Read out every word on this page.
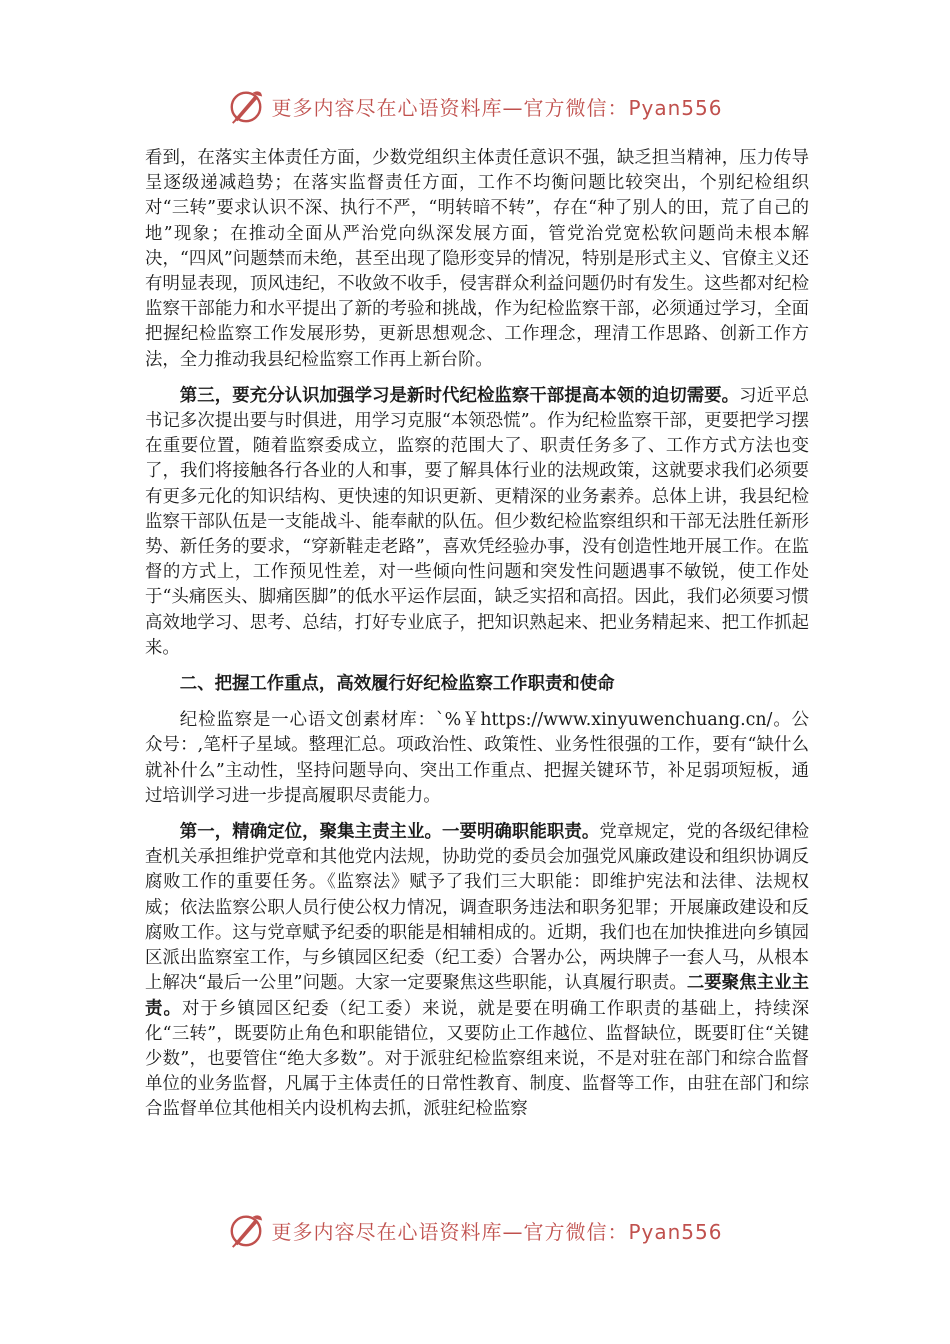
更多内容尽在心语资料库—官方微信：Pyan556

看到，在落实主体责任方面，少数党组织主体责任意识不强，缺乏担当精神，压力传导呈逐级递减趋势；在落实监督责任方面，工作不均衡问题比较突出，个别纪检组织对“三转”要求认识不深、执行不严，“明转暗不转”，存在“种了别人的田，荒了自己的地”现象；在推动全面从严治党向纵深发展方面，管党治党宽松软问题尚未根本解决，“四风”问题禁而未绝，甚至出现了隐形变异的情况，特别是形式主义、官僚主义还有明显表现，顶风违纪，不收敛不收手，侵害群众利益问题仍时有发生。这些都对纪检监察干部能力和水平提出了新的考验和挑战，作为纪检监察干部，必须通过学习，全面把握纪检监察工作发展形势，更新思想观念、工作理念，理清工作思路、创新工作方法，全力推动我县纪检监察工作再上新台阶。

第三，要充分认识加强学习是新时代纪检监察干部提高本领的迫切需要。习近平总书记多次提出要与时俱进，用学习克服“本领恐慌”。作为纪检监察干部，更要把学习摆在重要位置，随着监察委成立，监察的范围大了、职责任务多了、工作方式方法也变了，我们将接触各行各业的人和事，要了解具体行业的法规政策，这就要求我们必须要有更多元化的知识结构、更快速的知识更新、更精深的业务素养。总体上讲，我县纪检监察干部队伍是一支能战斗、能奉献的队伍。但少数纪检监察组织和干部无法胜任新形势、新任务的要求，“穿新鞋走老路”，喜欢凭经验办事，没有创造性地开展工作。在监督的方式上，工作预见性差，对一些倾向性问题和突发性问题遇事不敏锐，使工作处于“头痛医头、脚痛医脚”的低水平运作层面，缺乏实招和高招。因此，我们必须要习惯高效地学习、思考、总结，打好专业底子，把知识熟起来、把业务精起来、把工作抓起来。

二、把握工作重点，高效履行好纪检监察工作职责和使命

纪检监察是一心语文创素材库：`%￥https://www.xinyuwenchuang.cn/。公众号：,笔杆子星域。整理汇总。项政治性、政策性、业务性很强的工作，要有“缺什么就补什么”主动性，坚持问题导向、突出工作重点、把握关键环节，补足弱项短板，通过培训学习进一步提高履职尽责能力。

第一，精确定位，聚集主责主业。一要明确职能职责。党章规定，党的各级纪律检查机关承担维护党章和其他党内法规，协助党的委员会加强党风廉政建设和组织协调反腐败工作的重要任务。《监察法》赋予了我们三大职能：即维护宪法和法律、法规权威；依法监察公职人员行使公权力情况，调查职务违法和职务犯罪；开展廉政建设和反腐败工作。这与党章赋予纪委的职能是相辅相成的。近期，我们也在加快推进向乡镇园区派出监察室工作，与乡镇园区纪委（纪工委）合署办公，两块牌子一套人马，从根本上解决“最后一公里”问题。大家一定要聚焦这些职能，认真履行职责。二要聚焦主业主责。对于乡镇园区纪委（纪工委）来说，就是要在明确工作职责的基础上，持续深化“三转”，既要防止角色和职能错位，又要防止工作越位、监督缺位，既要盯住“关键少数”，也要管住“绝大多数”。对于派驻纪检监察组来说，不是对驻在部门和综合监督单位的业务监督，凡属于主体责任的日常性教育、制度、监督等工作，由驻在部门和综合监督单位其他相关内设机构去抓，派驻纪检监察

更多内容尽在心语资料库—官方微信：Pyan556
